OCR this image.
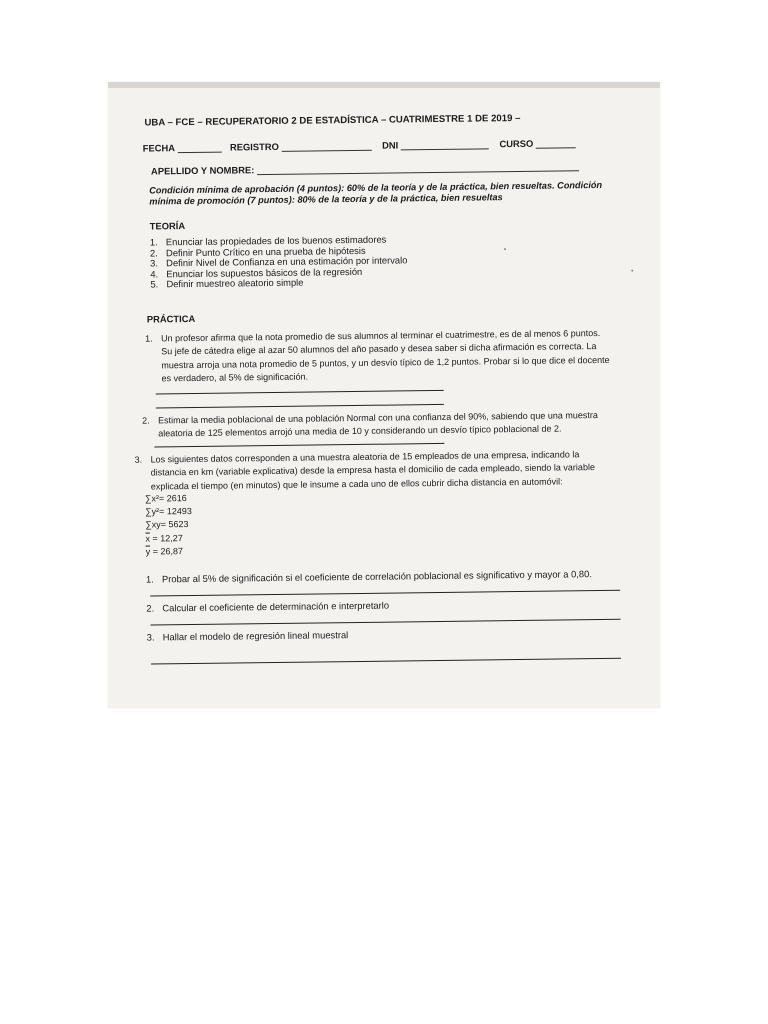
UBA – FCE – RECUPERATORIO 2 DE ESTADÍSTICA – CUATRIMESTRE 1 DE 2019 –
FECHA	REGISTRO	DNI	CURSO
APELLIDO Y NOMBRE:
Condición mínima de aprobación (4 puntos): 60% de la teoría y de la práctica, bien resueltas. Condición
mínima de promoción (7 puntos): 80% de la teoría y de la práctica, bien resueltas
TEORÍA
1. Enunciar las propiedades de los buenos estimadores
2. Definir Punto Crítico en una prueba de hipótesis
3. Definir Nivel de Confianza en una estimación por intervalo
4. Enunciar los supuestos básicos de la regresión
5. Definir muestreo aleatorio simple
PRÁCTICA
1. Un profesor afirma que la nota promedio de sus alumnos al terminar el cuatrimestre, es de al menos 6 puntos.
Su jefe de cátedra elige al azar 50 alumnos del año pasado y desea saber si dicha afirmación es correcta. La
muestra arroja una nota promedio de 5 puntos, y un desvío típico de 1,2 puntos. Probar si lo que dice el docente
es verdadero, al 5% de significación.
2. Estimar la media poblacional de una población Normal con una confianza del 90%, sabiendo que una muestra
aleatoria de 125 elementos arrojó una media de 10 y considerando un desvío típico poblacional de 2.
3. Los siguientes datos corresponden a una muestra aleatoria de 15 empleados de una empresa, indicando la
distancia en km (variable explicativa) desde la empresa hasta el domicilio de cada empleado, siendo la variable
explicada el tiempo (en minutos) que le insume a cada uno de ellos cubrir dicha distancia en automóvil:
∑x²= 2616
∑y²= 12493
∑xy= 5623
$\overline{x} = 12,27$
$\overline{y} = 26,87$
1. Probar al 5% de significación si el coeficiente de correlación poblacional es significativo y mayor a 0,80.
2. Calcular el coeficiente de determinación e interpretarlo
3. Hallar el modelo de regresión lineal muestral
